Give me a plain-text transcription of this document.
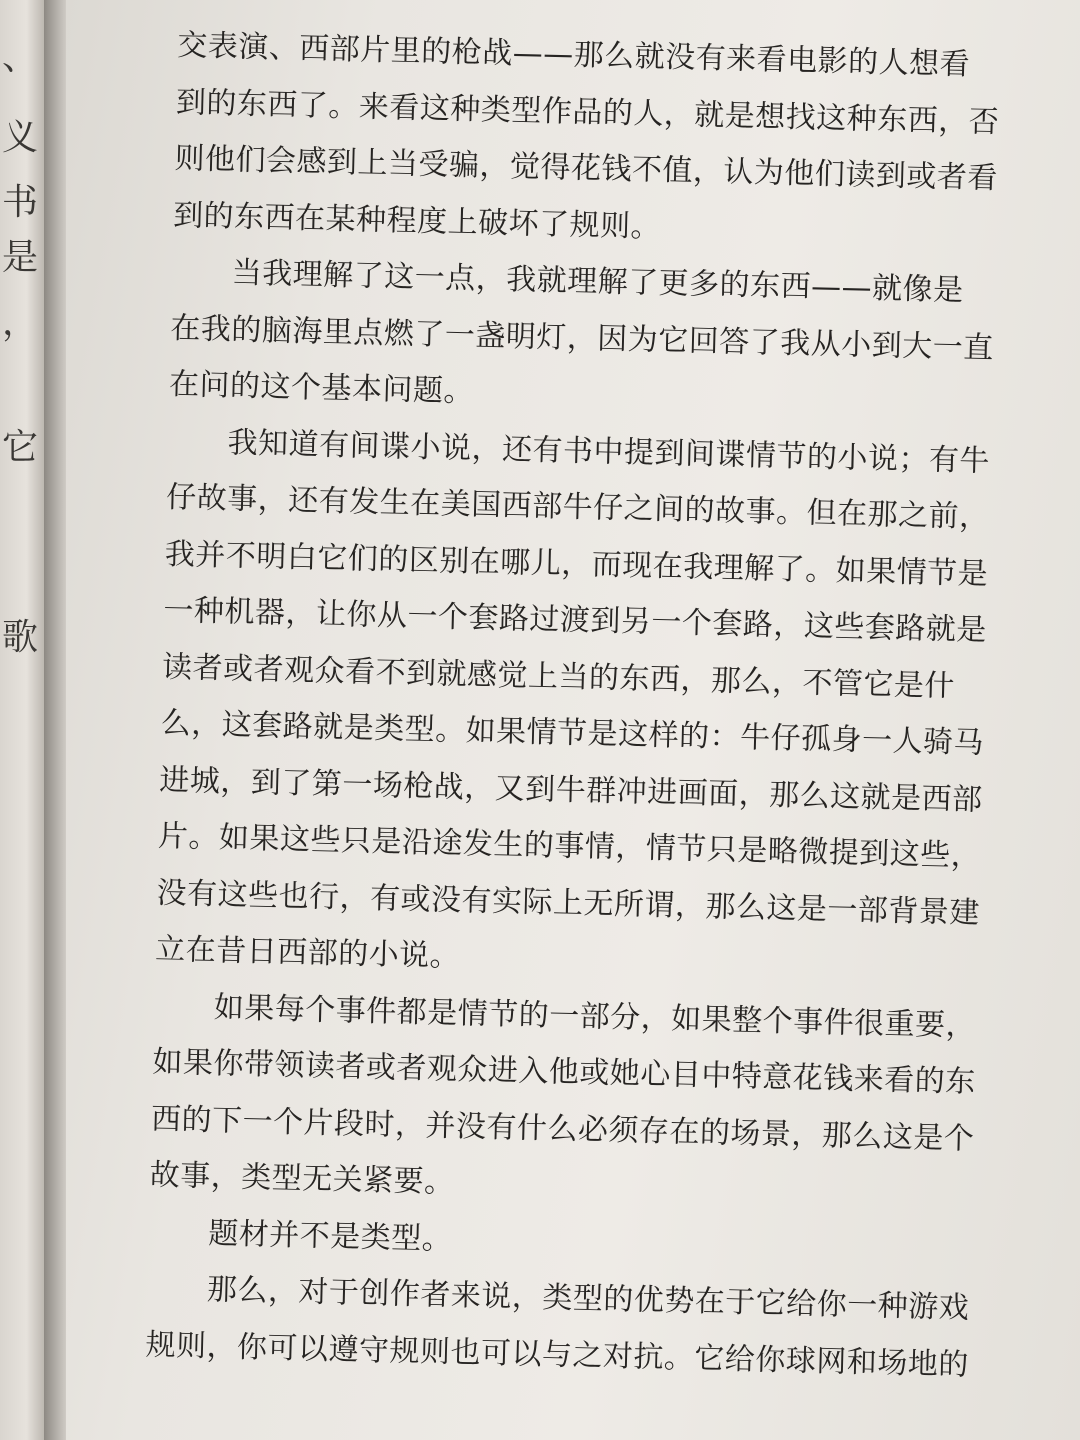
、
义
书
是
，
它
歌
交表演、西部片里的枪战——那么就没有来看电影的人想看
到的东西了。来看这种类型作品的人，就是想找这种东西，否
则他们会感到上当受骗，觉得花钱不值，认为他们读到或者看
到的东西在某种程度上破坏了规则。
当我理解了这一点，我就理解了更多的东西——就像是
在我的脑海里点燃了一盏明灯，因为它回答了我从小到大一直
在问的这个基本问题。
我知道有间谍小说，还有书中提到间谍情节的小说；有牛
仔故事，还有发生在美国西部牛仔之间的故事。但在那之前，
我并不明白它们的区别在哪儿，而现在我理解了。如果情节是
一种机器，让你从一个套路过渡到另一个套路，这些套路就是
读者或者观众看不到就感觉上当的东西，那么，不管它是什
么，这套路就是类型。如果情节是这样的：牛仔孤身一人骑马
进城，到了第一场枪战，又到牛群冲进画面，那么这就是西部
片。如果这些只是沿途发生的事情，情节只是略微提到这些，
没有这些也行，有或没有实际上无所谓，那么这是一部背景建
立在昔日西部的小说。
如果每个事件都是情节的一部分，如果整个事件很重要，
如果你带领读者或者观众进入他或她心目中特意花钱来看的东
西的下一个片段时，并没有什么必须存在的场景，那么这是个
故事，类型无关紧要。
题材并不是类型。
那么，对于创作者来说，类型的优势在于它给你一种游戏
规则，你可以遵守规则也可以与之对抗。它给你球网和场地的
